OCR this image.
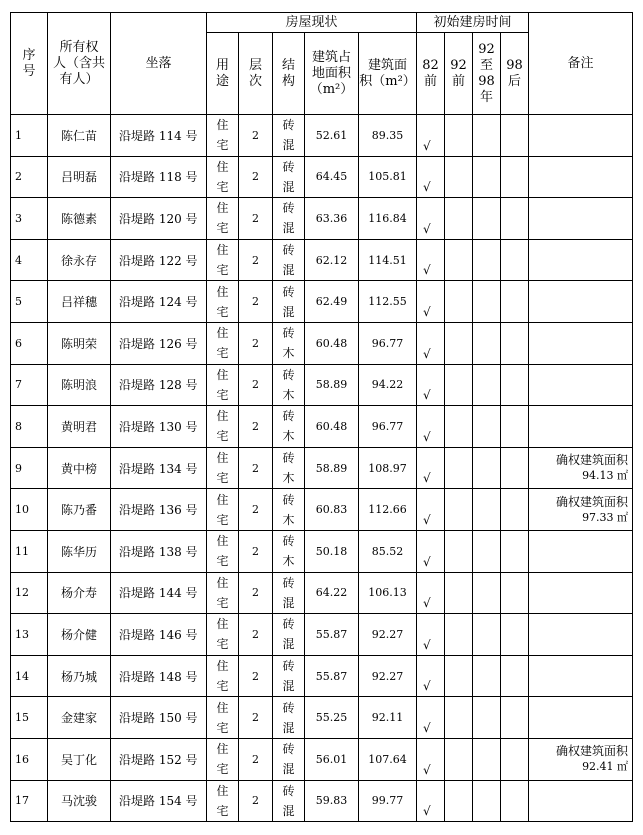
序
号	所有权
人（含共
有人）	坐落	房屋现状					初始建房时间				备注

			用
途	层
次	结
构	建筑占
地面积
（m²）	建筑面
积（m²）	82
前	92
前	92
至
98
年	98
后	

1	陈仁苗	沿堤路 114 号	住
宅	2	砖
混	52.61	89.35	√				

2	吕明磊	沿堤路 118 号	住
宅	2	砖
混	64.45	105.81	√				

3	陈德素	沿堤路 120 号	住
宅	2	砖
混	63.36	116.84	√				

4	徐永存	沿堤路 122 号	住
宅	2	砖
混	62.12	114.51	√				

5	吕祥穗	沿堤路 124 号	住
宅	2	砖
混	62.49	112.55	√				

6	陈明荣	沿堤路 126 号	住
宅	2	砖
木	60.48	96.77	√				

7	陈明浪	沿堤路 128 号	住
宅	2	砖
木	58.89	94.22	√				

8	黄明君	沿堤路 130 号	住
宅	2	砖
木	60.48	96.77	√				

9	黄中榜	沿堤路 134 号	住
宅	2	砖
木	58.89	108.97	√				确权建筑面积
94.13 ㎡

10	陈乃番	沿堤路 136 号	住
宅	2	砖
木	60.83	112.66	√				确权建筑面积
97.33 ㎡

11	陈华历	沿堤路 138 号	住
宅	2	砖
木	50.18	85.52	√				

12	杨介寿	沿堤路 144 号	住
宅	2	砖
混	64.22	106.13	√				

13	杨介健	沿堤路 146 号	住
宅	2	砖
混	55.87	92.27	√				

14	杨乃城	沿堤路 148 号	住
宅	2	砖
混	55.87	92.27	√				

15	金建家	沿堤路 150 号	住
宅	2	砖
混	55.25	92.11	√				

16	吴丁化	沿堤路 152 号	住
宅	2	砖
混	56.01	107.64	√				确权建筑面积
92.41 ㎡

17	马沈骏	沿堤路 154 号	住
宅	2	砖
混	59.83	99.77	√				
